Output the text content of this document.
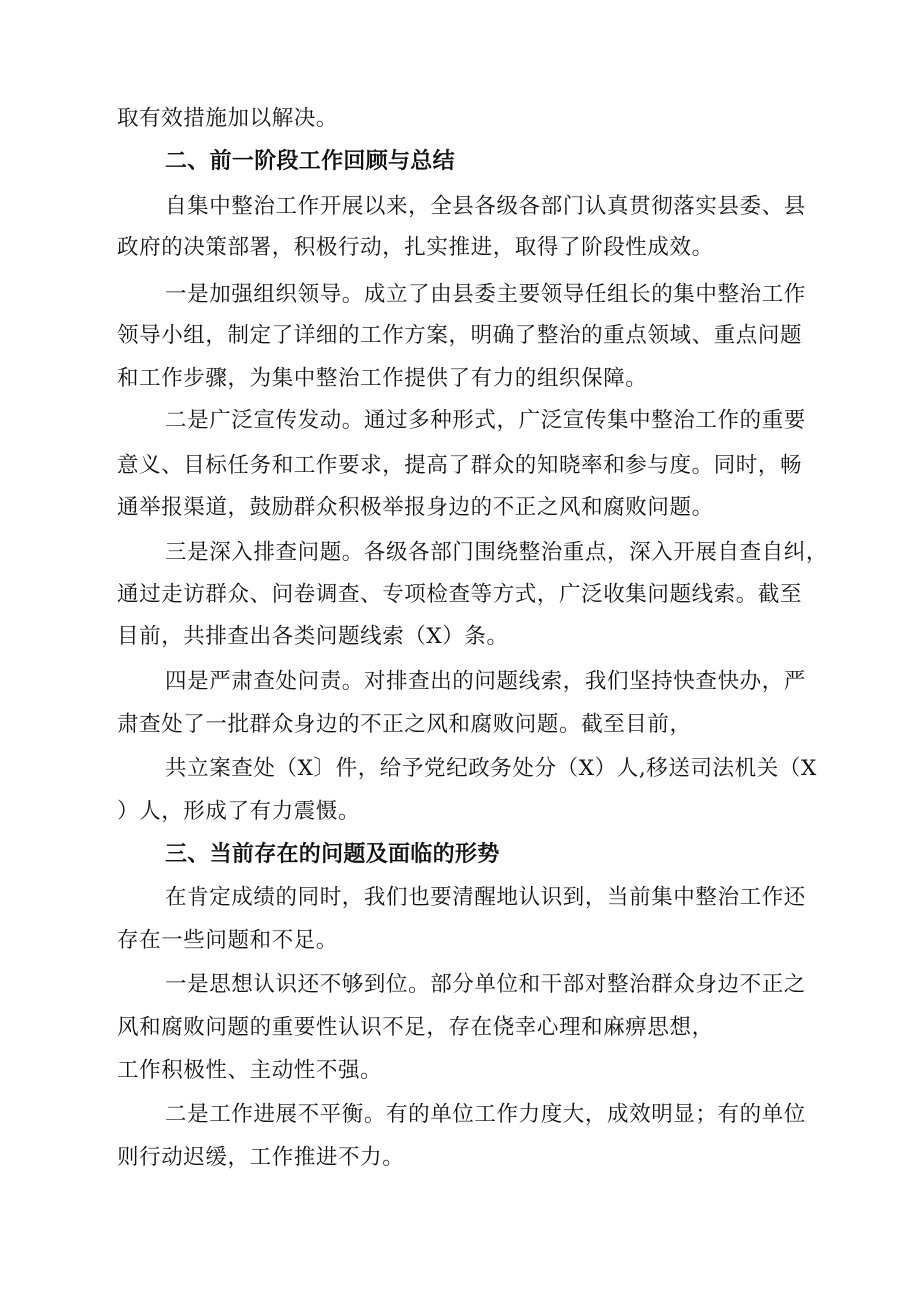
取有效措施加以解决。
二、前一阶段工作回顾与总结
自集中整治工作开展以来，全县各级各部门认真贯彻落实县委、县
政府的决策部署，积极行动，扎实推进，取得了阶段性成效。
一是加强组织领导。成立了由县委主要领导任组长的集中整治工作
领导小组，制定了详细的工作方案，明确了整治的重点领域、重点问题
和工作步骤，为集中整治工作提供了有力的组织保障。
二是广泛宣传发动。通过多种形式，广泛宣传集中整治工作的重要
意义、目标任务和工作要求，提高了群众的知晓率和参与度。同时，畅
通举报渠道，鼓励群众积极举报身边的不正之风和腐败问题。
三是深入排查问题。各级各部门围绕整治重点，深入开展自查自纠，
通过走访群众、问卷调查、专项检查等方式，广泛收集问题线索。截至
目前，共排查出各类问题线索（X）条。
四是严肃查处问责。对排查出的问题线索，我们坚持快查快办，严
肃查处了一批群众身边的不正之风和腐败问题。截至目前，
共立案查处（X〕件，给予党纪政务处分（X）人,移送司法机关（X
）人，形成了有力震慑。
三、当前存在的问题及面临的形势
在肯定成绩的同时，我们也要清醒地认识到，当前集中整治工作还
存在一些问题和不足。
一是思想认识还不够到位。部分单位和干部对整治群众身边不正之
风和腐败问题的重要性认识不足，存在侥幸心理和麻痹思想，
工作积极性、主动性不强。
二是工作进展不平衡。有的单位工作力度大，成效明显；有的单位
则行动迟缓，工作推进不力。
